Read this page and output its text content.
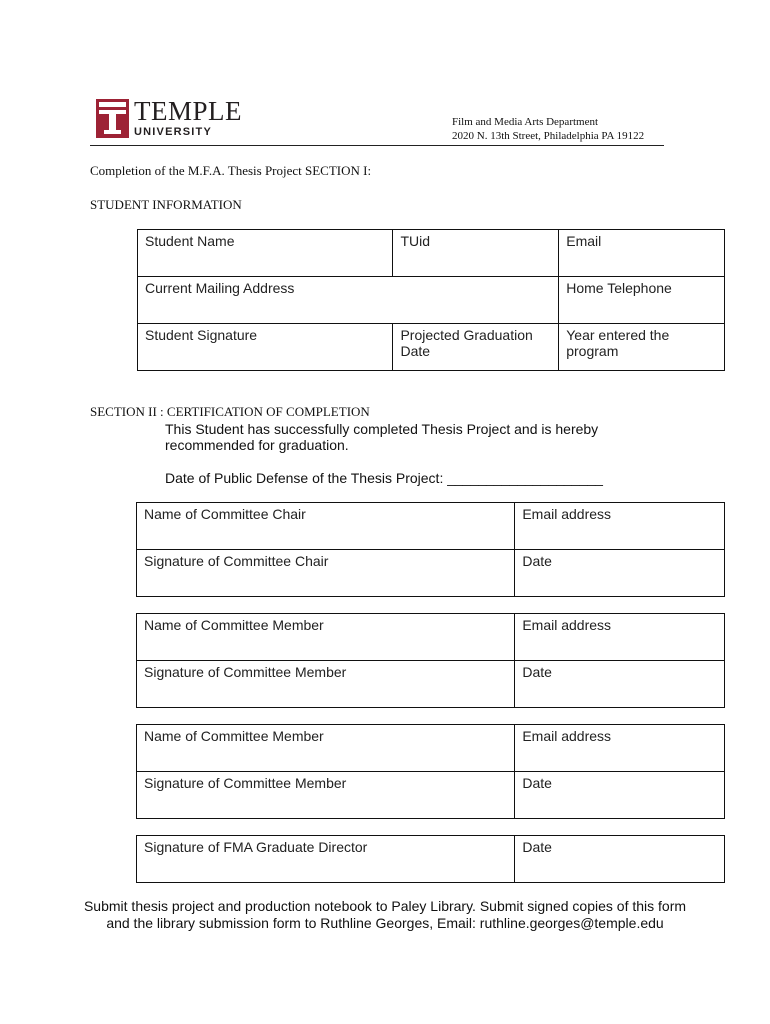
TEMPLE
UNIVERSITY
Film and Media Arts Department
2020 N. 13th Street, Philadelphia PA 19122
Completion of the M.F.A. Thesis Project SECTION I:
STUDENT INFORMATION
Student Name	TUid	Email
Current Mailing Address		Home Telephone
Student Signature	Projected Graduation Date	Year entered the program
SECTION II : CERTIFICATION OF COMPLETION
This Student has successfully completed Thesis Project and is hereby recommended for graduation.
Date of Public Defense of the Thesis Project: ____________________
Name of Committee Chair	Email address
Signature of Committee Chair	Date
Name of Committee Member	Email address
Signature of Committee Member	Date
Name of Committee Member	Email address
Signature of Committee Member	Date
Signature of FMA Graduate Director	Date
Submit thesis project and production notebook to Paley Library. Submit signed copies of this form and the library submission form to Ruthline Georges, Email: ruthline.georges@temple.edu
